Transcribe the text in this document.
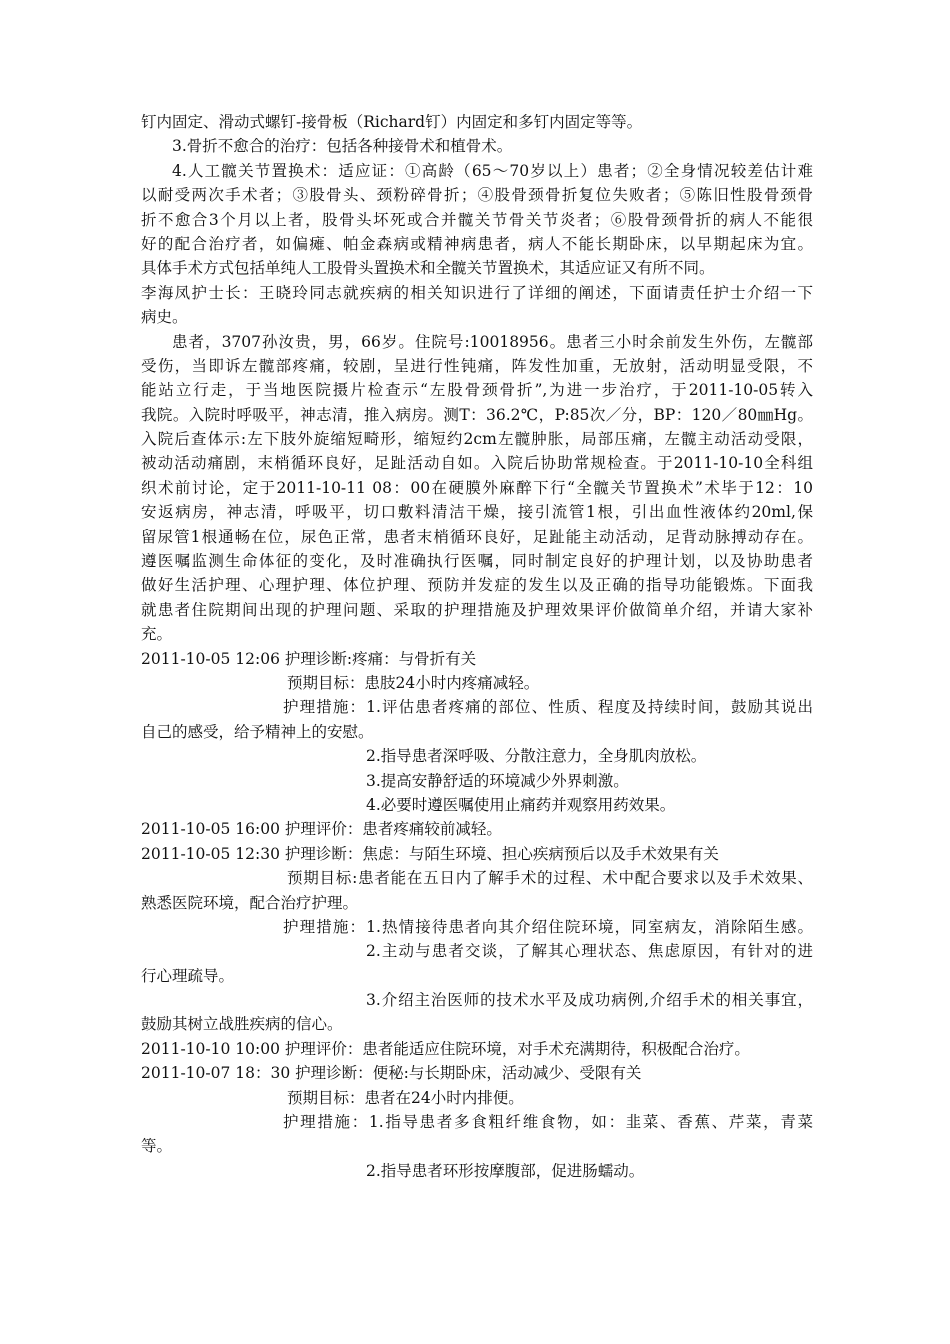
钉内固定、滑动式螺钉-接骨板（Richard钉）内固定和多钉内固定等等。
3.骨折不愈合的治疗：包括各种接骨术和植骨术。
4.人工髋关节置换术：适应证：①高龄（65～70岁以上）患者；②全身情况较差估计难
以耐受两次手术者；③股骨头、颈粉碎骨折；④股骨颈骨折复位失败者；⑤陈旧性股骨颈骨
折不愈合3个月以上者，股骨头坏死或合并髋关节骨关节炎者；⑥股骨颈骨折的病人不能很
好的配合治疗者，如偏瘫、帕金森病或精神病患者，病人不能长期卧床，以早期起床为宜。
具体手术方式包括单纯人工股骨头置换术和全髋关节置换术，其适应证又有所不同。
李海凤护士长：王晓玲同志就疾病的相关知识进行了详细的阐述，下面请责任护士介绍一下
病史。
患者，3707孙汝贵，男，66岁。住院号:10018956。患者三小时余前发生外伤，左髋部
受伤，当即诉左髋部疼痛，较剧，呈进行性钝痛，阵发性加重，无放射，活动明显受限，不
能站立行走，于当地医院摄片检查示“左股骨颈骨折”,为进一步治疗，于2011-10-05转入
我院。入院时呼吸平，神志清，推入病房。测T：36.2℃，P:85次／分，BP：120／80㎜Hg。
入院后查体示:左下肢外旋缩短畸形，缩短约2cm左髋肿胀，局部压痛，左髋主动活动受限，
被动活动痛剧，末梢循环良好，足趾活动自如。入院后协助常规检查。于2011-10-10全科组
织术前讨论，定于2011-10-11 08：00在硬膜外麻醉下行“全髋关节置换术”术毕于12：10
安返病房，神志清，呼吸平，切口敷料清洁干燥，接引流管1根，引出血性液体约20ml,保
留尿管1根通畅在位，尿色正常，患者末梢循环良好，足趾能主动活动，足背动脉搏动存在。
遵医嘱监测生命体征的变化，及时准确执行医嘱，同时制定良好的护理计划，以及协助患者
做好生活护理、心理护理、体位护理、预防并发症的发生以及正确的指导功能锻炼。下面我
就患者住院期间出现的护理问题、采取的护理措施及护理效果评价做简单介绍，并请大家补
充。
2011-10-05 12:06 护理诊断:疼痛：与骨折有关
预期目标：患肢24小时内疼痛减轻。
护理措施：1.评估患者疼痛的部位、性质、程度及持续时间，鼓励其说出
自己的感受，给予精神上的安慰。
2.指导患者深呼吸、分散注意力，全身肌肉放松。
3.提高安静舒适的环境减少外界刺激。
4.必要时遵医嘱使用止痛药并观察用药效果。
2011-10-05 16:00 护理评价：患者疼痛较前减轻。
2011-10-05 12:30 护理诊断：焦虑：与陌生环境、担心疾病预后以及手术效果有关
预期目标:患者能在五日内了解手术的过程、术中配合要求以及手术效果、
熟悉医院环境，配合治疗护理。
护理措施：1.热情接待患者向其介绍住院环境，同室病友，消除陌生感。
2.主动与患者交谈，了解其心理状态、焦虑原因，有针对的进
行心理疏导。
3.介绍主治医师的技术水平及成功病例,介绍手术的相关事宜，
鼓励其树立战胜疾病的信心。
2011-10-10 10:00 护理评价：患者能适应住院环境，对手术充满期待，积极配合治疗。
2011-10-07 18：30 护理诊断：便秘:与长期卧床，活动减少、受限有关
预期目标：患者在24小时内排便。
护理措施：1.指导患者多食粗纤维食物，如：韭菜、香蕉、芹菜，青菜
等。
2.指导患者环形按摩腹部，促进肠蠕动。
